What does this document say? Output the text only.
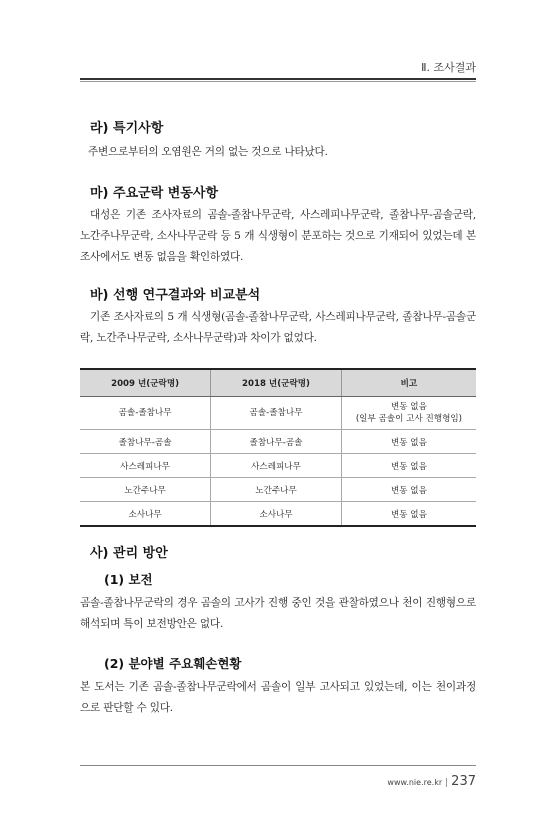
Ⅱ. 조사결과
라) 특기사항
주변으로부터의 오염원은 거의 없는 것으로 나타났다.
마) 주요군락 변동사항
대성은 기존 조사자료의 곰솔-졸참나무군락, 사스레피나무군락, 졸참나무-곰솔군락, 노간주나무군락, 소사나무군락 등 5 개 식생형이 분포하는 것으로 기재되어 있었는데 본 조사에서도 변동 없음을 확인하였다.
바) 선행 연구결과와 비교분석
기존 조사자료의 5 개 식생형(곰솔-졸참나무군락, 사스레피나무군락, 졸참나무-곰솔군락, 노간주나무군락, 소사나무군락)과 차이가 없었다.
2009 년(군락명)	2018 년(군락명)	비고
곰솔-졸참나무	곰솔-졸참나무	변동 없음
(일부 곰솔이 고사 진행형임)

졸참나무-곰솔	졸참나무-곰솔	변동 없음
사스레피나무	사스레피나무	변동 없음
노간주나무	노간주나무	변동 없음
소사나무	소사나무	변동 없음
사) 관리 방안
(1) 보전
곰솔-졸참나무군락의 경우 곰솔의 고사가 진행 중인 것을 관찰하였으나 천이 진행형으로 해석되며 특이 보전방안은 없다.
(2) 분야별 주요훼손현황
본 도서는 기존 곰솔-졸참나무군락에서 곰솔이 일부 고사되고 있었는데, 이는 천이과정으로 판단할 수 있다.
www.nie.re.kr | 237
